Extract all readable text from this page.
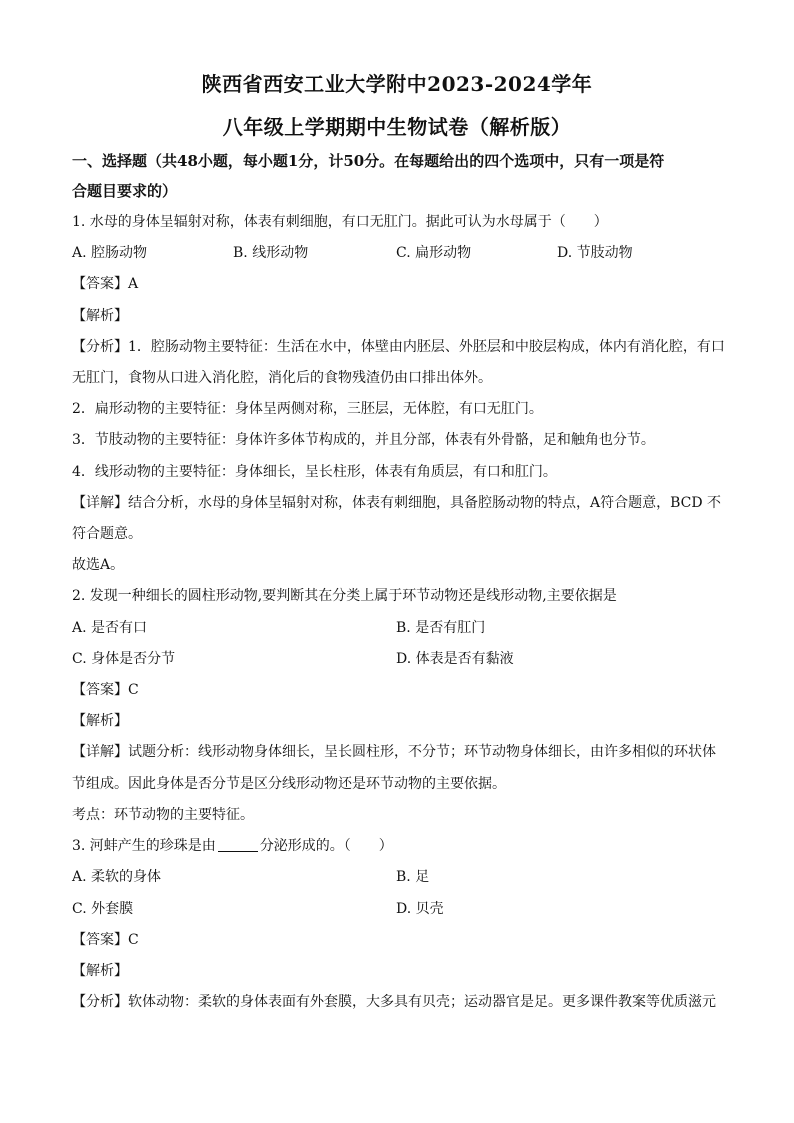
陕西省西安工业大学附中2023-2024学年
八年级上学期期中生物试卷（解析版）
一、选择题（共48小题，每小题1分，计50分。在每题给出的四个选项中，只有一项是符
合题目要求的）
1. 水母的身体呈辐射对称，体表有刺细胞，有口无肛门。据此可认为水母属于（　　）
A. 腔肠动物	B. 线形动物	C. 扁形动物	D. 节肢动物
【答案】A
【解析】
【分析】1．腔肠动物主要特征：生活在水中，体壁由内胚层、外胚层和中胶层构成，体内有消化腔，有口
无肛门，食物从口进入消化腔，消化后的食物残渣仍由口排出体外。
2．扁形动物的主要特征：身体呈两侧对称，三胚层，无体腔，有口无肛门。
3．节肢动物的主要特征：身体许多体节构成的，并且分部，体表有外骨骼，足和触角也分节。
4．线形动物的主要特征：身体细长，呈长柱形，体表有角质层，有口和肛门。
【详解】结合分析，水母的身体呈辐射对称，体表有刺细胞，具备腔肠动物的特点，A符合题意，BCD 不
符合题意。
故选A。
2. 发现一种细长的圆柱形动物,要判断其在分类上属于环节动物还是线形动物,主要依据是
A. 是否有口	B. 是否有肛门
C. 身体是否分节	D. 体表是否有黏液
【答案】C
【解析】
【详解】试题分析：线形动物身体细长，呈长圆柱形，不分节；环节动物身体细长，由许多相似的环状体
节组成。因此身体是否分节是区分线形动物还是环节动物的主要依据。
考点：环节动物的主要特征。
3. 河蚌产生的珍珠是由	分泌形成的。（　　）
A. 柔软的身体	B. 足
C. 外套膜	D. 贝壳
【答案】C
【解析】
【分析】软体动物：柔软的身体表面有外套膜，大多具有贝壳；运动器官是足。更多课件教案等优质滋元
